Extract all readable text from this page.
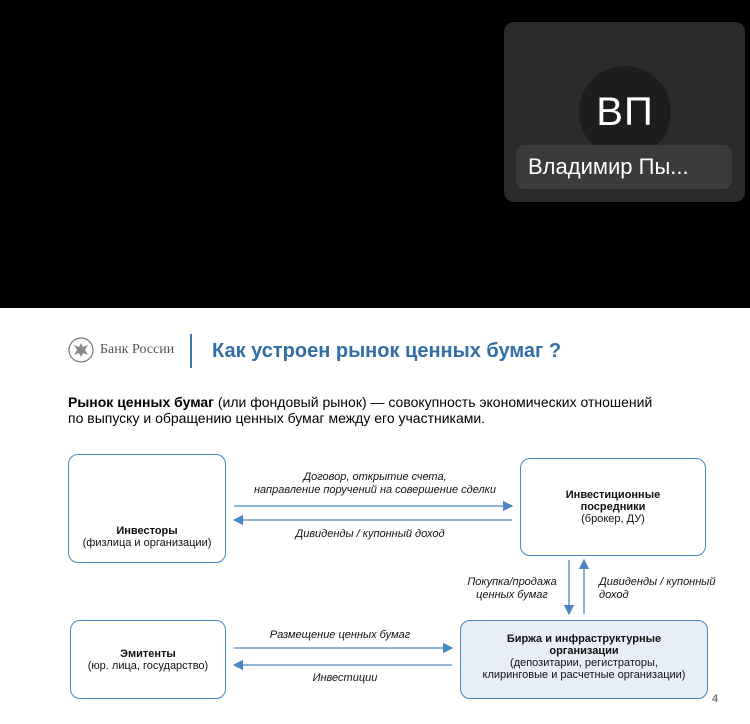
ВП
Владимир Пы...
Банк России Как устроен рынок ценных бумаг ?
Рынок ценных бумаг (или фондовый рынок) — совокупность экономических отношений
по выпуску и обращению ценных бумаг между его участниками.
Инвесторы
(физлица и организации)
Инвестиционные
посредники
(брокер, ДУ)
Эмитенты
(юр. лица, государство)
Биржа и инфраструктурные
организации
(депозитарии, регистраторы,
клиринговые и расчетные организации)
Договор, открытие счета,
направление поручений на совершение сделки
Дивиденды / купонный доход
Покупка/продажа
ценных бумаг
Дивиденды / купонный
доход
Размещение ценных бумаг
Инвестиции
4
